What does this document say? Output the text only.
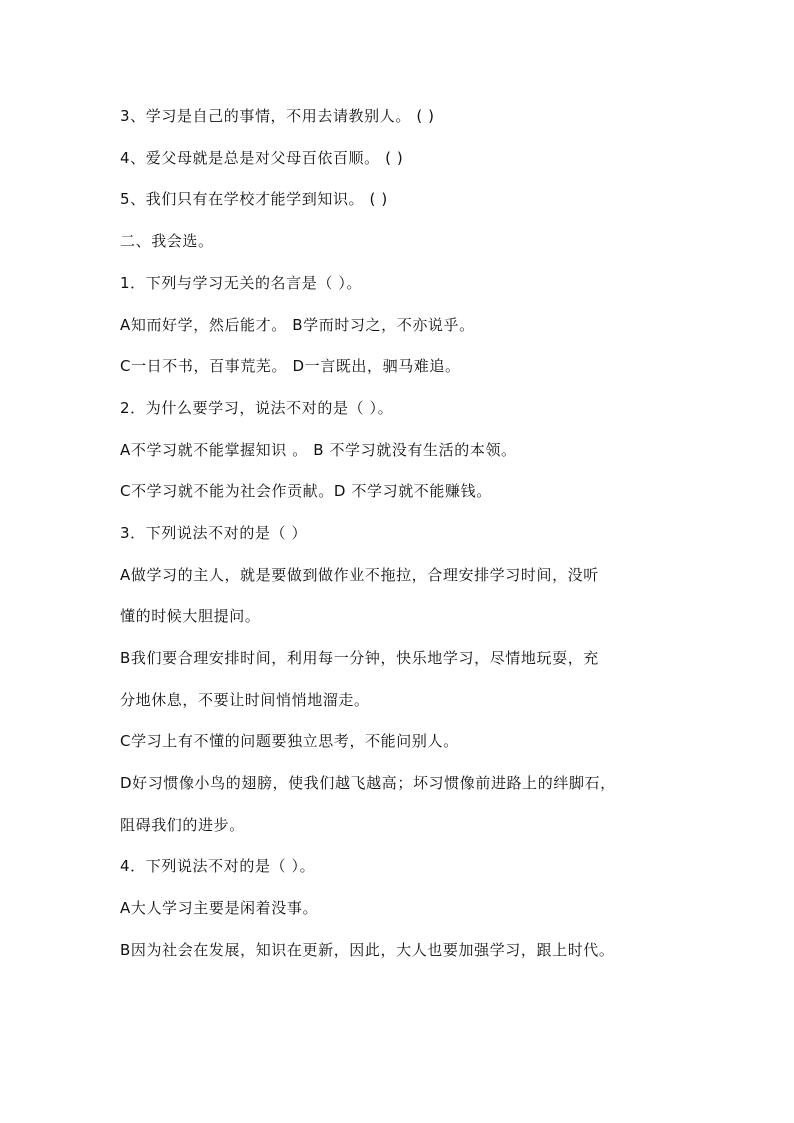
3、学习是自己的事情，不用去请教别人。 ( )
4、爱父母就是总是对父母百依百顺。 ( )
5、我们只有在学校才能学到知识。 ( )
二、我会选。
1．下列与学习无关的名言是（ ）。
A知而好学，然后能才。 B学而时习之，不亦说乎。
C一日不书，百事荒芜。 D一言既出，驷马难追。
2．为什么要学习，说法不对的是（ ）。
A不学习就不能掌握知识 。 B 不学习就没有生活的本领。
C不学习就不能为社会作贡献。D 不学习就不能赚钱。
3．下列说法不对的是（ ）
A做学习的主人，就是要做到做作业不拖拉，合理安排学习时间，没听
懂的时候大胆提问。
B我们要合理安排时间，利用每一分钟，快乐地学习，尽情地玩耍，充
分地休息，不要让时间悄悄地溜走。
C学习上有不懂的问题要独立思考，不能问别人。
D好习惯像小鸟的翅膀，使我们越飞越高；坏习惯像前进路上的绊脚石，
阻碍我们的进步。
4．下列说法不对的是（ ）。
A大人学习主要是闲着没事。
B因为社会在发展，知识在更新，因此，大人也要加强学习，跟上时代。
